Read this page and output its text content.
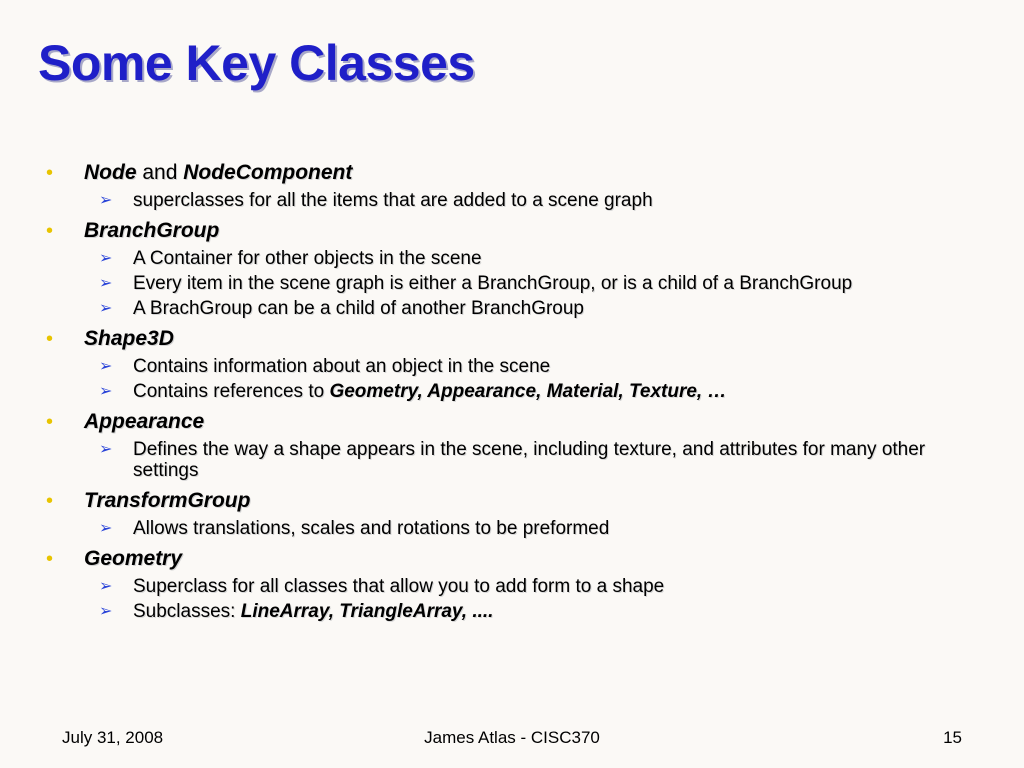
Some Key Classes
• Node and NodeComponent
➢ superclasses for all the items that are added to a scene graph
• BranchGroup
➢ A Container for other objects in the scene
➢ Every item in the scene graph is either a BranchGroup, or is a child of a BranchGroup
➢ A BrachGroup can be a child of another BranchGroup
• Shape3D
➢ Contains information about an object in the scene
➢ Contains references to Geometry, Appearance, Material, Texture, …
• Appearance
➢ Defines the way a shape appears in the scene, including texture, and attributes for many other settings
• TransformGroup
➢ Allows translations, scales and rotations to be preformed
• Geometry
➢ Superclass for all classes that allow you to add form to a shape
➢ Subclasses: LineArray, TriangleArray, ....
July 31, 2008	James Atlas - CISC370	15
